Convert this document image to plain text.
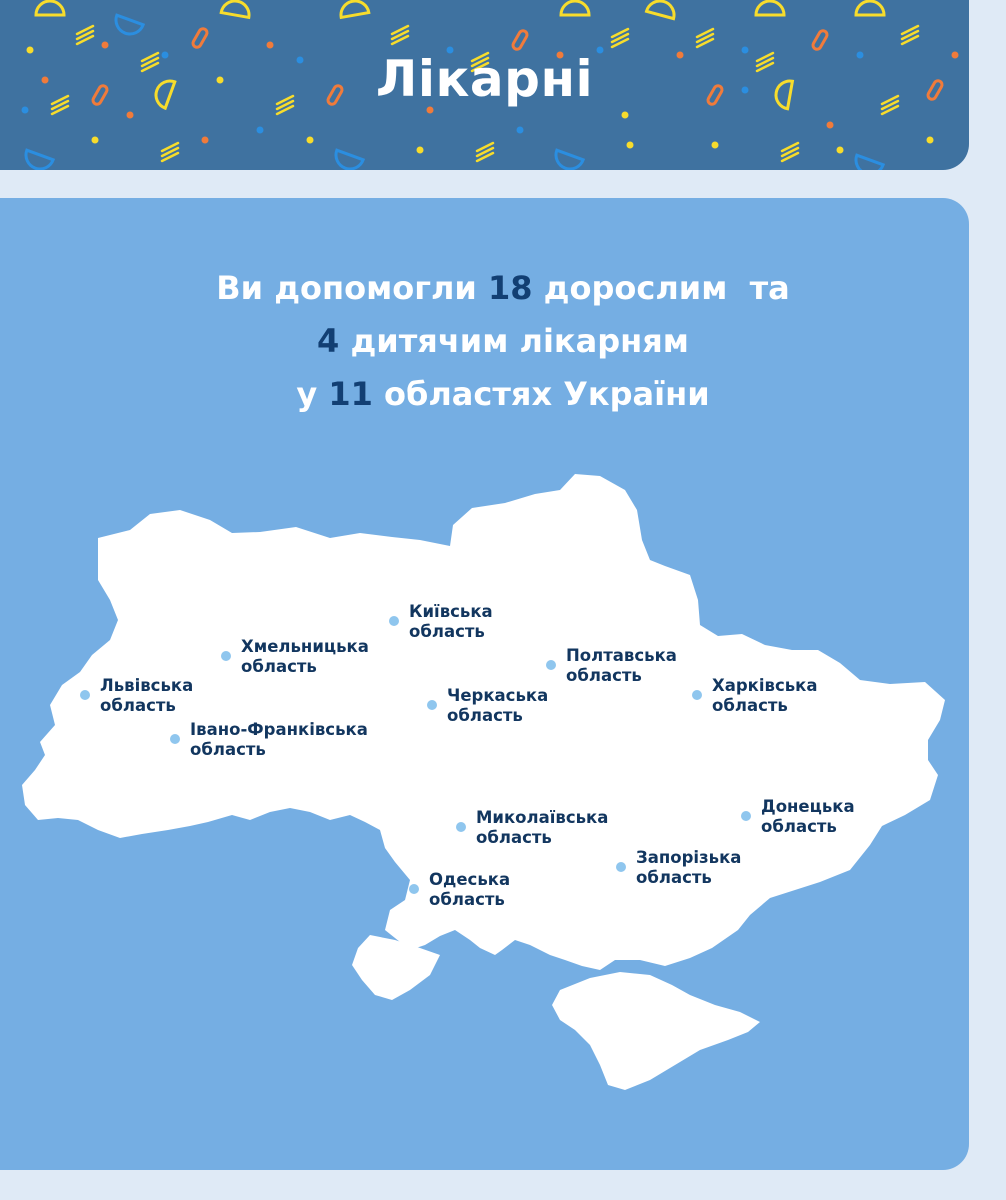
Лікарні
Ви допомогли 18 дорослим  та
4 дитячим лікарням
у 11 областях України
Львівська
область
Хмельницька
область
Івано-Франківська
область
Київська
область
Черкаська
область
Полтавська
область
Харківська
область
Миколаївська
область
Одеська
область
Запорізька
область
Донецька
область
